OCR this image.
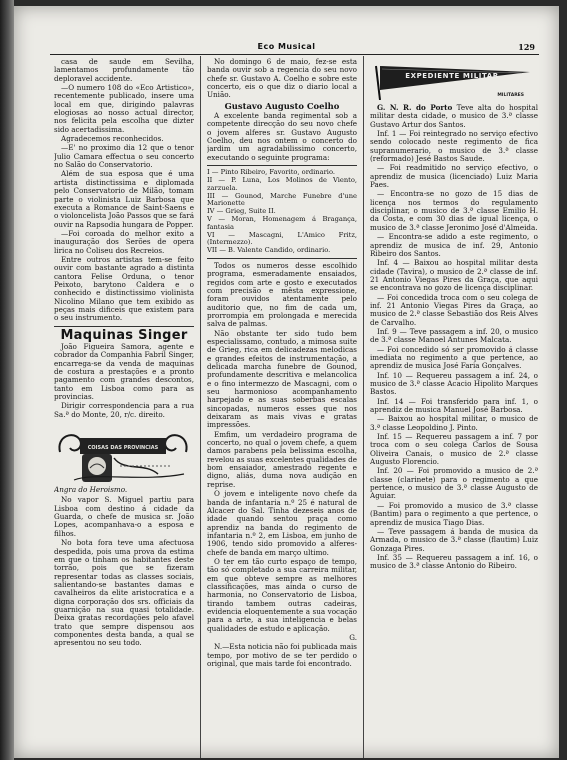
Eco Musical	129

casa de saude em Sevilha, lamentamos profundamente tão deploravel accidente.

—O numero 108 do «Eco Artistico», recentemente publicado, insere uma local em que, dirigindo palavras elogiosas ao nosso actual director, nos felicita pela escolha que dizter sido acertadissima.

Agradecemos reconhecidos.

—E' no proximo dia 12 que o tenor Julio Camara effectua o seu concerto no Salão do Conservatorio.

Além de sua esposa que é uma artista distinctissima e diplomada pelo Conservatorio de Milão, tomam parte o violinista Luiz Barbosa que executa a Romance de Saint-Saens e o violoncelista João Passos que se fará ouvir na Rapsodia hungara de Popper.

—Foi coroada do melhor exito a inauguração dos Serões de opera lirica no Coliseu dos Recreios.

Entre outros artistas tem-se feito ouvir com bastante agrado a distinta cantora Felise Orduna, o tenor Peixoto, barytono Caldera e o conhecido e distinctissimo violinista Nicolino Milano que tem exibido as peças mais dificeis que existem para o seu instrumento.

Maquinas Singer

João Figueira Samora, agente e cobrador da Companhia Fabril Singer, encarrega-se da venda de maquinas de costura a prestações e a pronto pagamento com grandes descontos, tanto em Lisboa como para as provincias.

Dirigir correspondencia para a rua Sa.ª do Monte, 20, r/c. direito.

COISAS DAS PROVINCIAS
Angra do Heroismo.

No vapor S. Miguel partiu para Lisboa com destino á cidade da Guarda, o chefe de musica sr. João Lopes, acompanhava-o a esposa e filhos.

No bota fora teve uma afectuosa despedida, pois uma prova da estima em que o tinham os habitantes deste torrão, pois que se fizeram representar todas as classes sociais, salientando-se bastantes damas e cavalheiros da elite aristocratica e a digna corporação dos srs. officiais da guarnição na sua quasi totalidade. Deixa gratas recordações pelo afavel trato que sempre dispensou aos componentes desta banda, a qual se apresentou no seu todo.

No domingo 6 de maio, fez-se esta banda ouvir sob a regencia do seu novo chefe sr. Gustavo A. Coelho e sobre este concerto, eis o que diz o diario local a União.

Gustavo Augusto Coelho

A excelente banda regimental sob a competente direcção do seu novo chefe o jovem alferes sr. Gustavo Augusto Coelho, deu nos ontem o concerto do jardim um agradabilissimo concerto, executando o seguinte programa:

I — Pinto Ribeiro, Favorito, ordinario.
II — P. Luna, Los Molinos de Viento, zarzuela.
III — Gounod, Marche Funebre d'une Marionette
IV — Grieg, Suite II.
V — Moran, Homenagem á Bragança, fantasia
VI — Mascagni, L'Amico Fritz, (Intermezzo).
VII — B. Valente Candido, ordinario.

Todos os numeros desse escolhido programa, esmeradamente ensaiados, regidos com arte e gosto e executados com precisão e mêsta expressione, foram ouvidos atentamente pelo auditorio que, no fim de cada um, prorrompia em prolongada e merecida salva de palmas.

Não obstante ter sido tudo bem especialissamo, contudo, a mimosa suite de Grieg, rica em delicadezas melodicas e grandes efeitos de instrumentação, a delicada marcha funebre de Gounod, profundamente descritiva e melancolica e o fino intermezzo de Mascagni, com o seu harmonioso acompanhamento harpejado e as suas soberbas escalas sincopadas, numeros esses que nos deixaram as mais vivas e gratas impressões.

Emfim, um verdadeiro programa de concerto, no qual o jovem chefe, a quem damos parabens pela belissima escolha, revelou as suas excelentes qualidades de bom ensaiador, amestrado regente e digno, aliás, duma nova audição en reprise.

O jovem e inteligente novo chefe da banda de infantaria n.º 25 é natural de Alcacer do Sal. Tinha dezeseis anos de idade quando sentou praça como aprendiz na banda do regimento de infantaria n.º 2, em Lisboa, em junho de 1906, tendo sido promovido a alferes-chefe de banda em março ultimo.

O ter em tão curto espaço de tempo, tão só completado a sua carreira militar, em que obteve sempre as melhores classificações, mas ainda o curso de harmonia, no Conservatorio de Lisboa, tirando tambem outras cadeiras, evidencia eloquentemente a sua vocação para a arte, a sua inteligencia e belas qualidades de estudo e aplicação.

G.

N.—Esta noticia não foi publicada mais tempo, por motivo de se ter perdido o original, que mais tarde foi encontrado.

EXPEDIENTE MILITAR
MILITARES

G. N. R. do Porto Teve alta do hospital militar desta cidade, o musico de 3.ª classe Gustavo Artur dos Santos.

Inf. 1 — Foi reintegrado no serviço efectivo sendo colocado neste regimento de fica supranumerario, o musico de 3.ª classe (reformado) Jesé Bastos Saude.

— Foi readmitido no serviço efectivo, o aprendiz de musica (licenciado) Luiz Maria Paes.

— Encontra-se no gozo de 15 dias de licença nos termos do regulamento disciplinar, o musico de 3.ª classe Emilio H. da Costa, e com 30 dias de igual licença, o musico de 3.ª classe Jeronimo José d'Almeida.

— Encontra-se adido a este regimento, o aprendiz de musica de inf. 29, Antonio Ribeiro dos Santos.

Inf. 4 — Baixou ao hospital militar desta cidade (Tavira), o musico de 2.ª classe de inf. 21 Antonio Viegas Pires da Graça, que aqui se encontrava no gozo de licença disciplinar.

— Foi concedida troca com o seu colega de inf. 21 Antonio Viegas Pires da Graça, ao musico de 2.ª classe Sebastião dos Reis Alves de Carvalho.

Inf. 9 — Teve passagem a inf. 20, o musico de 3.ª classe Manoel Antunes Malcata.

— Foi concedido só ser promovido á classe imediata no regimento a que pertence, ao aprendiz de musica José Faria Gonçalves.

Inf. 10 — Requereu passagem a inf. 24, o musico de 3.ª classe Acacio Hipolito Marques Bastos.

Inf. 14 — Foi transferido para inf. 1, o aprendiz de musica Manuel José Barbosa.

— Baixou ao hospital militar, o musico de 3.ª classe Leopoldino J. Pinto.

Inf. 15 — Requereu passagem a inf. 7 por troca com o seu colega Carlos de Sousa Oliveira Canais, o musico de 2.ª classe Augusto Florencio.

Inf. 20 — Foi promovido a musico de 2.ª classe (clarinete) para o regimento a que pertence, o musico de 3.ª classe Augusto de Aguiar.

— Foi promovido a musico de 3.ª classe (Bantim) para o regimento a que pertence, o aprendiz de musica Tiago Dias.

— Teve passagem á banda de musica da Armada, o musico de 3.ª classe (flautim) Luiz Gonzaga Pires.

Inf. 35 — Requereu passagem a inf. 16, o musico de 3.ª classe Antonio do Ribeiro.
